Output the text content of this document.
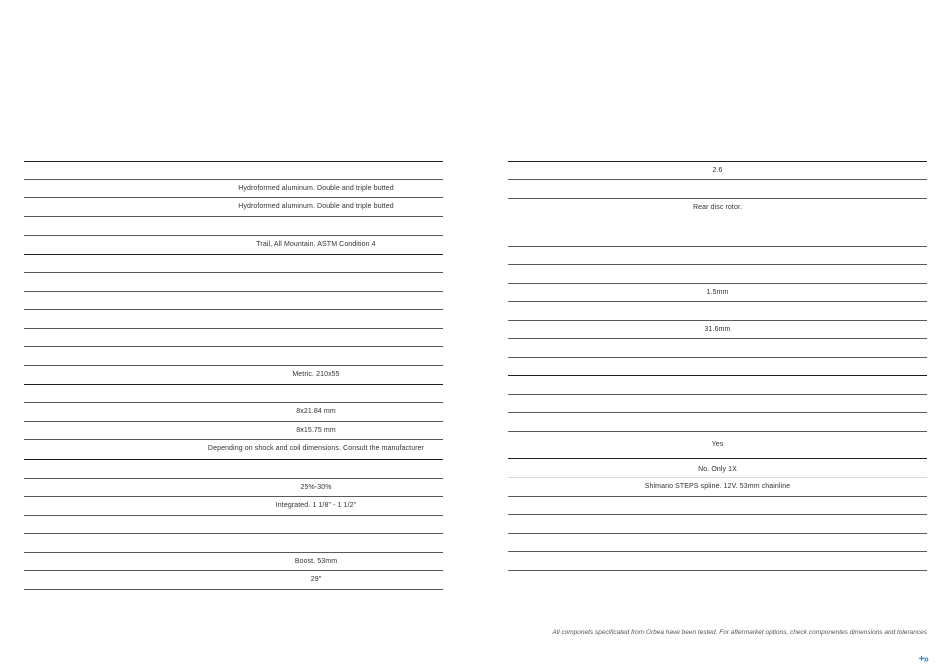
Hydroformed aluminum. Double and triple butted
Hydroformed aluminum. Double and triple butted
Trail, All Mountain. ASTM Condition 4
Metric. 210x55
8x21.84 mm
8x15.75 mm
Depending on shock and coil dimensions. Consult the manufacturer
25%-30%
Integrated. 1 1/8" - 1 1/2"
Boost. 53mm
29"
2.6
Rear disc rotor.
1.5mm
31.6mm
Yes
No. Only 1X
Shimano STEPS spline. 12V. 53mm chainline
All componets specificated from Orbea have been tested. For aftermarket options, check componentes dimensions and tolerances
+»
